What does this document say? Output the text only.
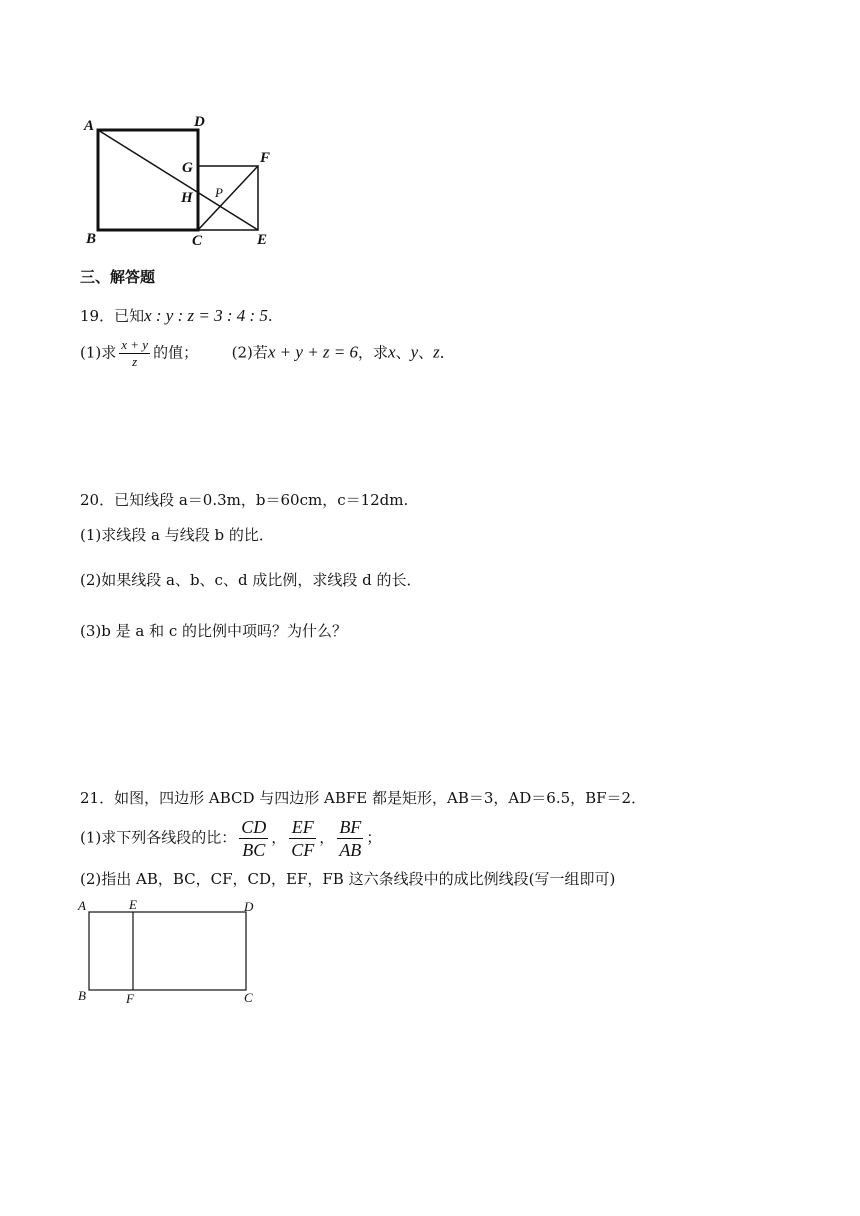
A	D
G
F
H P
B	C	E
三、解答题
19．已知x : y : z = 3 : 4 : 5.
(1)求 $\frac{x + y}{z}$ 的值； (2)若x + y + z = 6，求x、y、z．
20．已知线段 a＝0.3m，b＝60cm，c＝12dm.
(1)求线段 a 与线段 b 的比．
(2)如果线段 a、b、c、d 成比例，求线段 d 的长．
(3)b 是 a 和 c 的比例中项吗？为什么？
21．如图，四边形 ABCD 与四边形 ABFE 都是矩形，AB＝3，AD＝6.5，BF＝2．
(1)求下列各线段的比： $\frac{CD}{BC}$ ， $\frac{EF}{CF}$ ， $\frac{BF}{AB}$ ；
(2)指出 AB，BC，CF，CD，EF，FB 这六条线段中的成比例线段(写一组即可)
A	E	D
B	F	C
